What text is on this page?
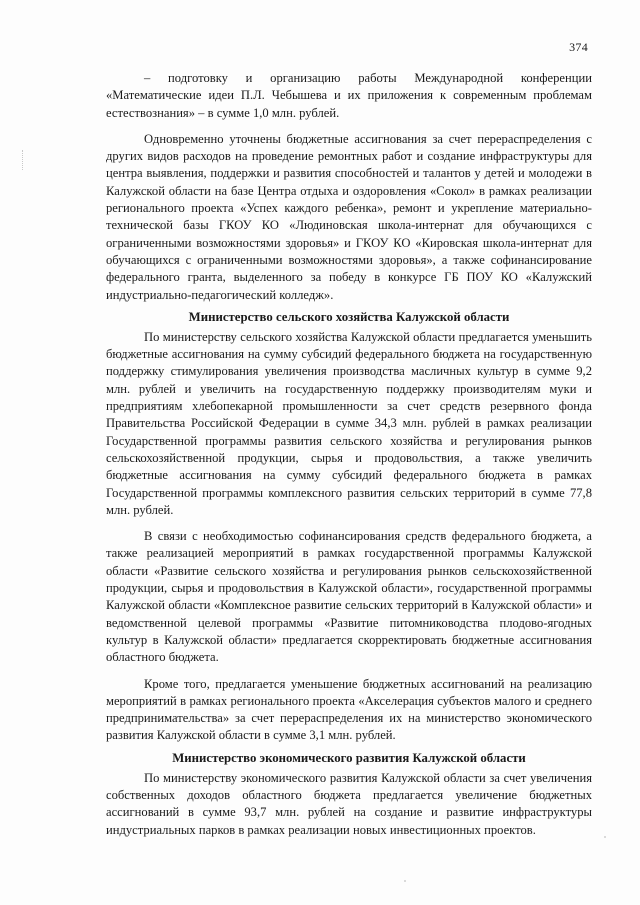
374

– подготовку и организацию работы Международной конференции «Математические идеи П.Л. Чебышева и их приложения к современным проблемам естествознания» – в сумме 1,0 млн. рублей.

Одновременно уточнены бюджетные ассигнования за счет перераспределения с других видов расходов на проведение ремонтных работ и создание инфраструктуры для центра выявления, поддержки и развития способностей и талантов у детей и молодежи в Калужской области на базе Центра отдыха и оздоровления «Сокол» в рамках реализации регионального проекта «Успех каждого ребенка», ремонт и укрепление материально-технической базы ГКОУ КО «Людиновская школа-интернат для обучающихся с ограниченными возможностями здоровья» и ГКОУ КО «Кировская школа-интернат для обучающихся с ограниченными возможностями здоровья», а также софинансирование федерального гранта, выделенного за победу в конкурсе ГБ ПОУ КО «Калужский индустриально-педагогический колледж».

Министерство сельского хозяйства Калужской области

По министерству сельского хозяйства Калужской области предлагается уменьшить бюджетные ассигнования на сумму субсидий федерального бюджета на государственную поддержку стимулирования увеличения производства масличных культур в сумме 9,2 млн. рублей и увеличить на государственную поддержку производителям муки и предприятиям хлебопекарной промышленности за счет средств резервного фонда Правительства Российской Федерации в сумме 34,3 млн. рублей в рамках реализации Государственной программы развития сельского хозяйства и регулирования рынков сельскохозяйственной продукции, сырья и продовольствия, а также увеличить бюджетные ассигнования на сумму субсидий федерального бюджета в рамках Государственной программы комплексного развития сельских территорий в сумме 77,8 млн. рублей.

В связи с необходимостью софинансирования средств федерального бюджета, а также реализацией мероприятий в рамках государственной программы Калужской области «Развитие сельского хозяйства и регулирования рынков сельскохозяйственной продукции, сырья и продовольствия в Калужской области», государственной программы Калужской области «Комплексное развитие сельских территорий в Калужской области» и ведомственной целевой программы «Развитие питомниководства плодово-ягодных культур в Калужской области» предлагается скорректировать бюджетные ассигнования областного бюджета.

Кроме того, предлагается уменьшение бюджетных ассигнований на реализацию мероприятий в рамках регионального проекта «Акселерация субъектов малого и среднего предпринимательства» за счет перераспределения их на министерство экономического развития Калужской области в сумме 3,1 млн. рублей.

Министерство экономического развития Калужской области

По министерству экономического развития Калужской области за счет увеличения собственных доходов областного бюджета предлагается увеличение бюджетных ассигнований в сумме 93,7 млн. рублей на создание и развитие инфраструктуры индустриальных парков в рамках реализации новых инвестиционных проектов.
